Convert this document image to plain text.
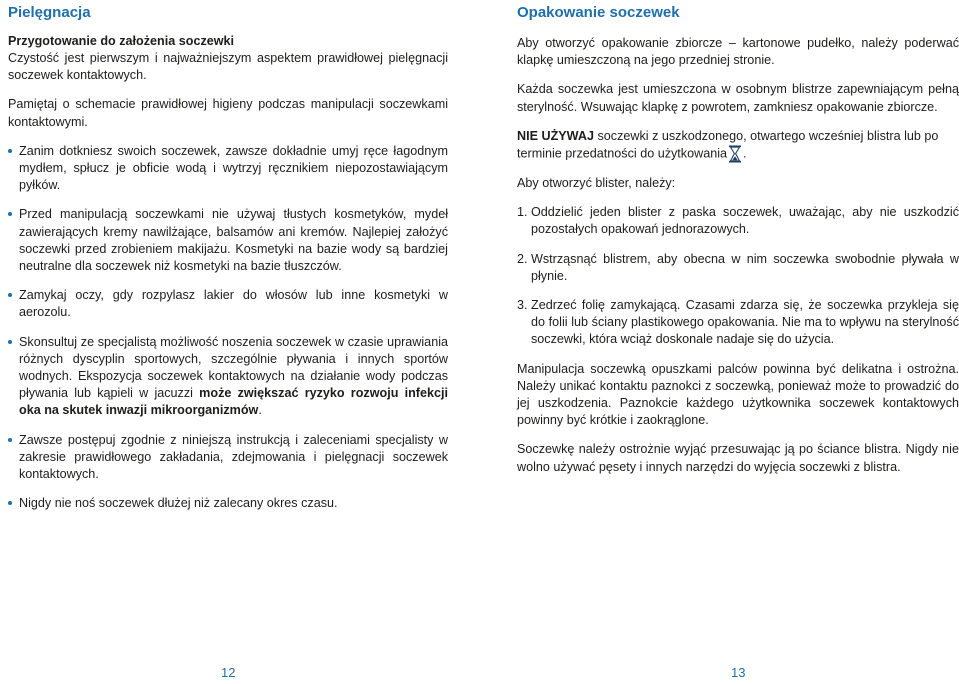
Pielęgnacja
Przygotowanie do założenia soczewki

Czystość jest pierwszym i najważniejszym aspektem prawidłowej pielęgnacji soczewek kontaktowych.

Pamiętaj o schemacie prawidłowej higieny podczas manipulacji soczewkami kontaktowymi.

Zanim dotkniesz swoich soczewek, zawsze dokładnie umyj ręce łagodnym mydłem, spłucz je obficie wodą i wytrzyj ręcznikiem niepozostawiającym pyłków.
Przed manipulacją soczewkami nie używaj tłustych kosmetyków, mydeł zawierających kremy nawilżające, balsamów ani kremów. Najlepiej założyć soczewki przed zrobieniem makijażu. Kosmetyki na bazie wody są bardziej neutralne dla soczewek niż kosmetyki na bazie tłuszczów.
Zamykaj oczy, gdy rozpylasz lakier do włosów lub inne kosmetyki w aerozolu.
Skonsultuj ze specjalistą możliwość noszenia soczewek w czasie uprawiania różnych dyscyplin sportowych, szczególnie pływania i innych sportów wodnych. Ekspozycja soczewek kontaktowych na działanie wody podczas pływania lub kąpieli w jacuzzi może zwiększać ryzyko rozwoju infekcji oka na skutek inwazji mikroorganizmów.
Zawsze postępuj zgodnie z niniejszą instrukcją i zaleceniami specjalisty w zakresie prawidłowego zakładania, zdejmowania i pielęgnacji soczewek kontaktowych.
Nigdy nie noś soczewek dłużej niż zalecany okres czasu.
Opakowanie soczewek

Aby otworzyć opakowanie zbiorcze – kartonowe pudełko, należy poderwać klapkę umieszczoną na jego przedniej stronie.

Każda soczewka jest umieszczona w osobnym blistrze zapewniającym pełną sterylność. Wsuwając klapkę z powrotem, zamkniesz opakowanie zbiorcze.

NIE UŻYWAJ soczewki z uszkodzonego, otwartego wcześniej blistra lub po terminie przedatności do użytkowania .

Aby otworzyć blister, należy:

1. Oddzielić jeden blister z paska soczewek, uważając, aby nie uszkodzić pozostałych opakowań jednorazowych.
2. Wstrząsnąć blistrem, aby obecna w nim soczewka swobodnie pływała w płynie.
3. Zedrzeć folię zamykającą. Czasami zdarza się, że soczewka przykleja się do folii lub ściany plastikowego opakowania. Nie ma to wpływu na sterylność soczewki, która wciąż doskonale nadaje się do użycia.

Manipulacja soczewką opuszkami palców powinna być delikatna i ostrożna. Należy unikać kontaktu paznokci z soczewką, ponieważ może to prowadzić do jej uszkodzenia. Paznokcie każdego użytkownika soczewek kontaktowych powinny być krótkie i zaokrąglone.

Soczewkę należy ostrożnie wyjąć przesuwając ją po ściance blistra. Nigdy nie wolno używać pęsety i innych narzędzi do wyjęcia soczewki z blistra.

12	13
